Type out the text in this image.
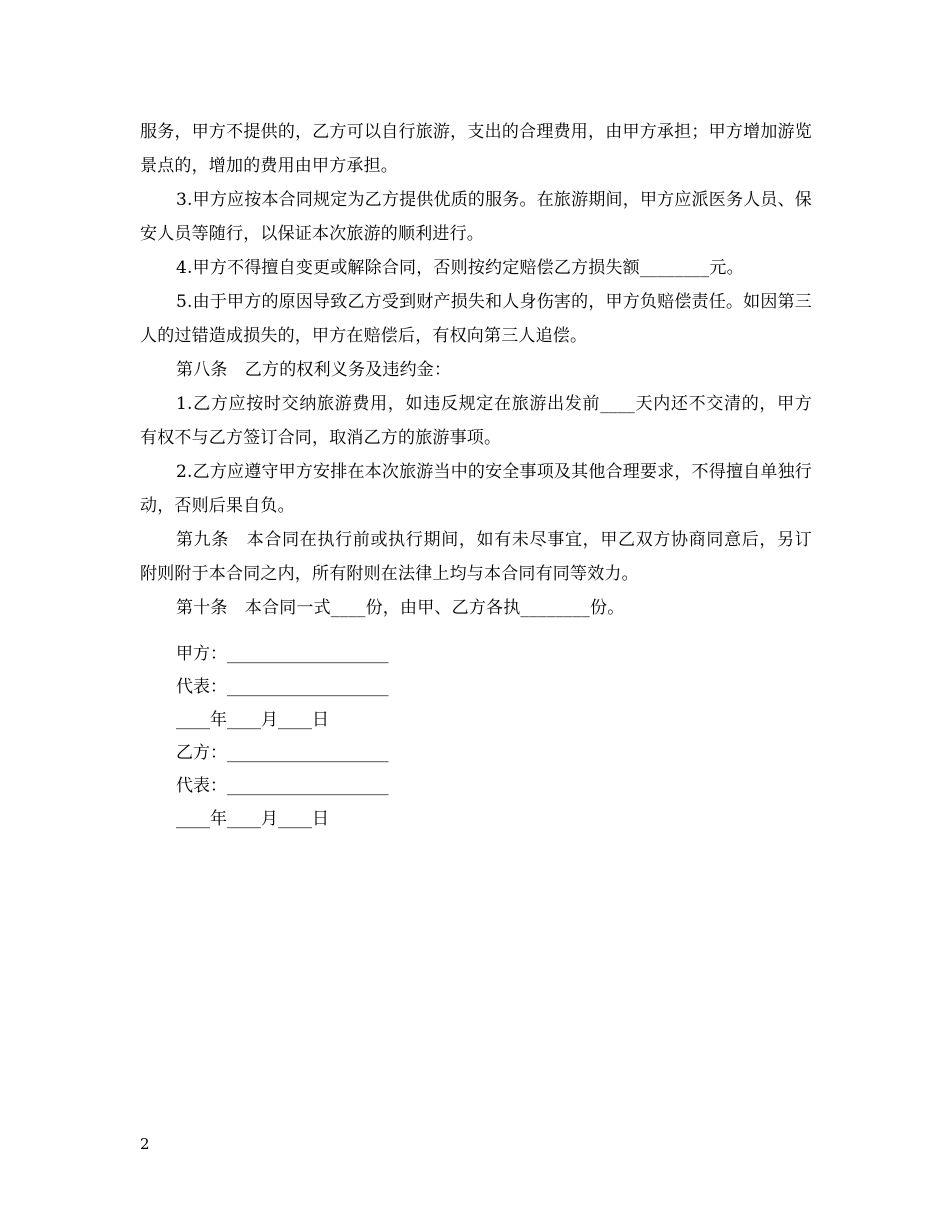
服务，甲方不提供的，乙方可以自行旅游，支出的合理费用，由甲方承担；甲方增加游览景点的，增加的费用由甲方承担。

3.甲方应按本合同规定为乙方提供优质的服务。在旅游期间，甲方应派医务人员、保安人员等随行，以保证本次旅游的顺利进行。

4.甲方不得擅自变更或解除合同，否则按约定赔偿乙方损失额________元。

5.由于甲方的原因导致乙方受到财产损失和人身伤害的，甲方负赔偿责任。如因第三人的过错造成损失的，甲方在赔偿后，有权向第三人追偿。

第八条　乙方的权利义务及违约金：

1.乙方应按时交纳旅游费用，如违反规定在旅游出发前____天内还不交清的，甲方有权不与乙方签订合同，取消乙方的旅游事项。

2.乙方应遵守甲方安排在本次旅游当中的安全事项及其他合理要求，不得擅自单独行动，否则后果自负。

第九条　本合同在执行前或执行期间，如有未尽事宜，甲乙双方协商同意后，另订附则附于本合同之内，所有附则在法律上均与本合同有同等效力。

第十条　本合同一式____份，由甲、乙方各执________份。

甲方：___________________
代表：___________________
____年____月____日
乙方：___________________
代表：___________________
____年____月____日
2
